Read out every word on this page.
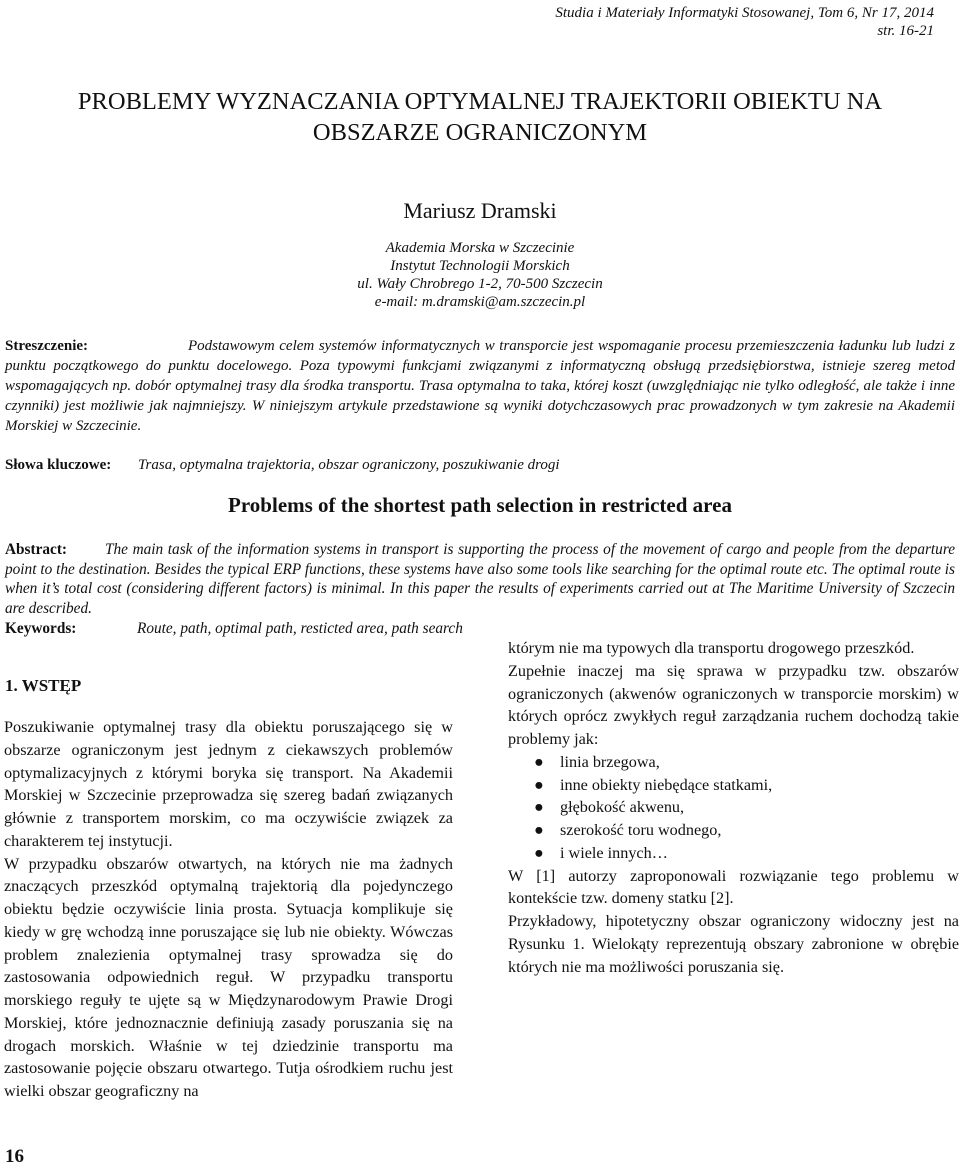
Studia i Materiały Informatyki Stosowanej, Tom 6, Nr 17, 2014
str. 16-21
PROBLEMY WYZNACZANIA OPTYMALNEJ TRAJEKTORII OBIEKTU NA
OBSZARZE OGRANICZONYM
Mariusz Dramski
Akademia Morska w Szczecinie
Instytut Technologii Morskich
ul. Wały Chrobrego 1-2, 70-500 Szczecin
e-mail: m.dramski@am.szczecin.pl
Streszczenie:	Podstawowym celem systemów informatycznych w transporcie jest wspomaganie procesu przemieszczenia ładunku lub ludzi z punktu początkowego do punktu docelowego. Poza typowymi funkcjami związanymi z informatyczną obsługą przedsiębiorstwa, istnieje szereg metod wspomagających np. dobór optymalnej trasy dla środka transportu. Trasa optymalna to taka, której koszt (uwzględniając nie tylko odległość, ale także i inne czynniki) jest możliwie jak najmniejszy. W niniejszym artykule przedstawione są wyniki dotychczasowych prac prowadzonych w tym zakresie na Akademii Morskiej w Szczecinie.
Słowa kluczowe: Trasa, optymalna trajektoria, obszar ograniczony, poszukiwanie drogi
Problems of the shortest path selection in restricted area
Abstract: The main task of the information systems in transport is supporting the process of the movement of cargo and people from the departure point to the destination. Besides the typical ERP functions, these systems have also some tools like searching for the optimal route etc. The optimal route is when it’s total cost (considering different factors) is minimal. In this paper the results of experiments carried out at The Maritime University of Szczecin are described.
Keywords:	Route, path, optimal path, resticted area, path search
1. WSTĘP

Poszukiwanie optymalnej trasy dla obiektu poruszającego się w obszarze ograniczonym jest jednym z ciekawszych problemów optymalizacyjnych z którymi boryka się transport. Na Akademii Morskiej w Szczecinie przeprowadza się szereg badań związanych głównie z transportem morskim, co ma oczywiście związek za charakterem tej instytucji.

W przypadku obszarów otwartych, na których nie ma żadnych znaczących przeszkód optymalną trajektorią dla pojedynczego obiektu będzie oczywiście linia prosta. Sytuacja komplikuje się kiedy w grę wchodzą inne poruszające się lub nie obiekty. Wówczas problem znalezienia optymalnej trasy sprowadza się do zastosowania odpowiednich reguł. W przypadku transportu morskiego reguły te ujęte są w Międzynarodowym Prawie Drogi Morskiej, które jednoznacznie definiują zasady poruszania się na drogach morskich. Właśnie w tej dziedzinie transportu ma zastosowanie pojęcie obszaru otwartego. Tutja ośrodkiem ruchu jest wielki obszar geograficzny na

którym nie ma typowych dla transportu drogowego przeszkód.

Zupełnie inaczej ma się sprawa w przypadku tzw. obszarów ograniczonych (akwenów ograniczonych w transporcie morskim) w których oprócz zwykłych reguł zarządzania ruchem dochodzą takie problemy jak:

● linia brzegowa,
● inne obiekty niebędące statkami,
● głębokość akwenu,
● szerokość toru wodnego,
● i wiele innych…

W [1] autorzy zaproponowali rozwiązanie tego problemu w kontekście tzw. domeny statku [2].

Przykładowy, hipotetyczny obszar ograniczony widoczny jest na Rysunku 1. Wielokąty reprezentują obszary zabronione w obrębie których nie ma możliwości poruszania się.

16
